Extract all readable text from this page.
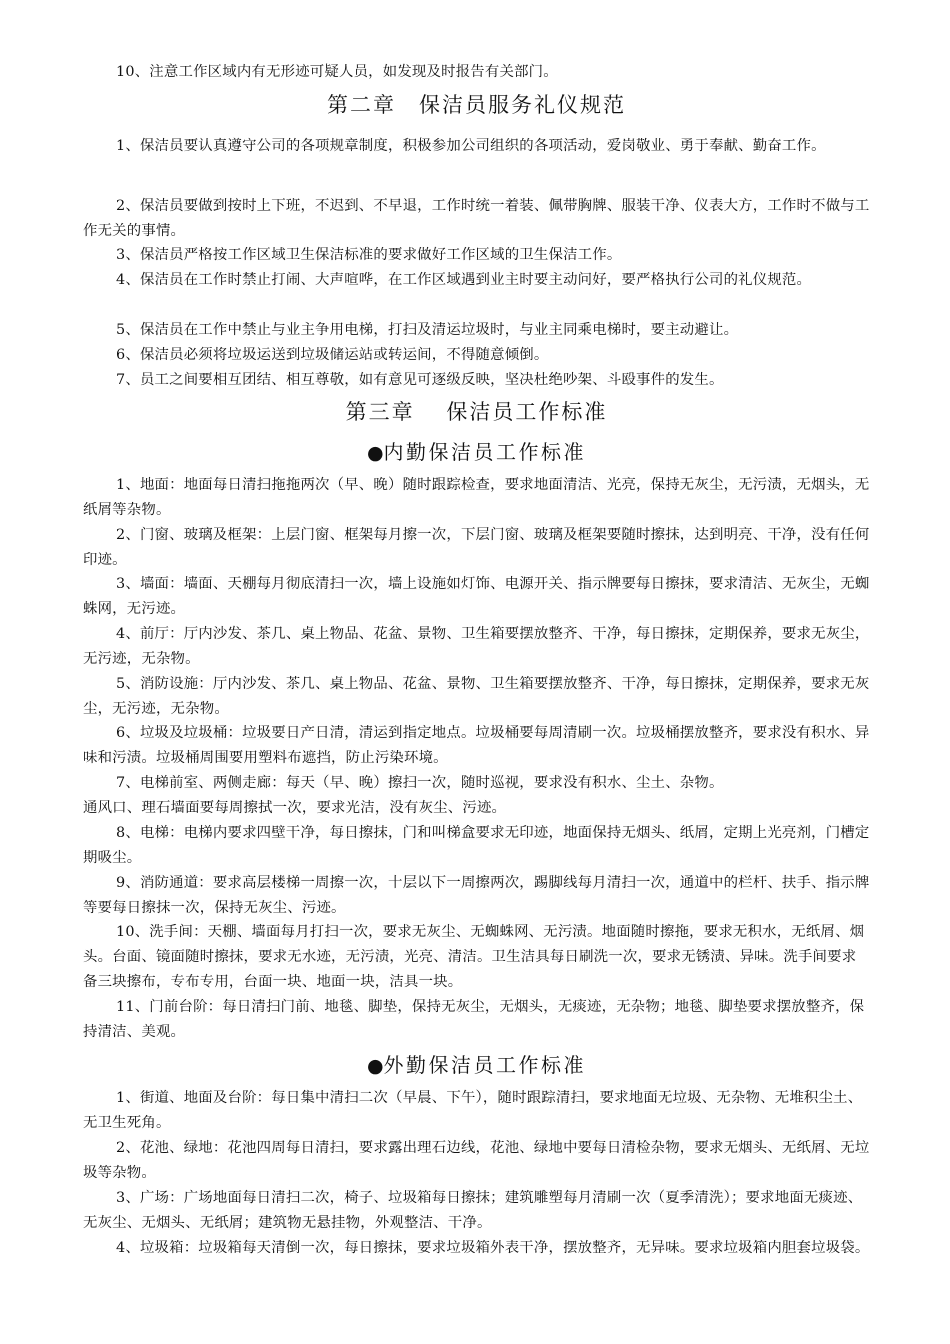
10、注意工作区域内有无形迹可疑人员，如发现及时报告有关部门。
第二章　保洁员服务礼仪规范
1、保洁员要认真遵守公司的各项规章制度，积极参加公司组织的各项活动，爱岗敬业、勇于奉献、勤奋工作。
2、保洁员要做到按时上下班，不迟到、不早退，工作时统一着装、佩带胸牌、服装干净、仪表大方，工作时不做与工作无关的事情。
3、保洁员严格按工作区域卫生保洁标准的要求做好工作区域的卫生保洁工作。
4、保洁员在工作时禁止打闹、大声喧哗，在工作区域遇到业主时要主动问好，要严格执行公司的礼仪规范。
5、保洁员在工作中禁止与业主争用电梯，打扫及清运垃圾时，与业主同乘电梯时，要主动避让。
6、保洁员必须将垃圾运送到垃圾储运站或转运间，不得随意倾倒。
7、员工之间要相互团结、相互尊敬，如有意见可逐级反映，坚决杜绝吵架、斗殴事件的发生。
第三章　 保洁员工作标准
●内勤保洁员工作标准
1、地面：地面每日清扫拖拖两次（早、晚）随时跟踪检查，要求地面清洁、光亮，保持无灰尘，无污渍，无烟头，无纸屑等杂物。
2、门窗、玻璃及框架：上层门窗、框架每月擦一次，下层门窗、玻璃及框架要随时擦抹，达到明亮、干净，没有任何印迹。
3、墙面：墙面、天棚每月彻底清扫一次，墙上设施如灯饰、电源开关、指示牌要每日擦抹，要求清洁、无灰尘，无蜘蛛网，无污迹。
4、前厅：厅内沙发、茶几、桌上物品、花盆、景物、卫生箱要摆放整齐、干净，每日擦抹，定期保养，要求无灰尘，无污迹，无杂物。
5、消防设施：厅内沙发、茶几、桌上物品、花盆、景物、卫生箱要摆放整齐、干净，每日擦抹，定期保养，要求无灰尘，无污迹，无杂物。
6、垃圾及垃圾桶：垃圾要日产日清，清运到指定地点。垃圾桶要每周清刷一次。垃圾桶摆放整齐，要求没有积水、异味和污渍。垃圾桶周围要用塑料布遮挡，防止污染环境。
7、电梯前室、两侧走廊：每天（早、晚）擦扫一次，随时巡视，要求没有积水、尘土、杂物。
通风口、理石墙面要每周擦拭一次，要求光洁，没有灰尘、污迹。
8、电梯：电梯内要求四壁干净，每日擦抹，门和叫梯盒要求无印迹，地面保持无烟头、纸屑，定期上光亮剂，门槽定期吸尘。
9、消防通道：要求高层楼梯一周擦一次，十层以下一周擦两次，踢脚线每月清扫一次，通道中的栏杆、扶手、指示牌等要每日擦抹一次，保持无灰尘、污迹。
10、洗手间：天棚、墙面每月打扫一次，要求无灰尘、无蜘蛛网、无污渍。地面随时擦拖，要求无积水，无纸屑、烟头。台面、镜面随时擦抹，要求无水迹，无污渍，光亮、清洁。卫生洁具每日刷洗一次，要求无锈渍、异味。洗手间要求备三块擦布，专布专用，台面一块、地面一块，洁具一块。
11、门前台阶：每日清扫门前、地毯、脚垫，保持无灰尘，无烟头，无痰迹，无杂物；地毯、脚垫要求摆放整齐，保持清洁、美观。
●外勤保洁员工作标准
1、街道、地面及台阶：每日集中清扫二次（早晨、下午），随时跟踪清扫，要求地面无垃圾、无杂物、无堆积尘土、无卫生死角。
2、花池、绿地：花池四周每日清扫，要求露出理石边线，花池、绿地中要每日清检杂物，要求无烟头、无纸屑、无垃圾等杂物。
3、广场：广场地面每日清扫二次，椅子、垃圾箱每日擦抹；建筑雕塑每月清刷一次（夏季清洗）；要求地面无痰迹、无灰尘、无烟头、无纸屑；建筑物无悬挂物，外观整洁、干净。
4、垃圾箱：垃圾箱每天清倒一次，每日擦抹，要求垃圾箱外表干净，摆放整齐，无异味。要求垃圾箱内胆套垃圾袋。
